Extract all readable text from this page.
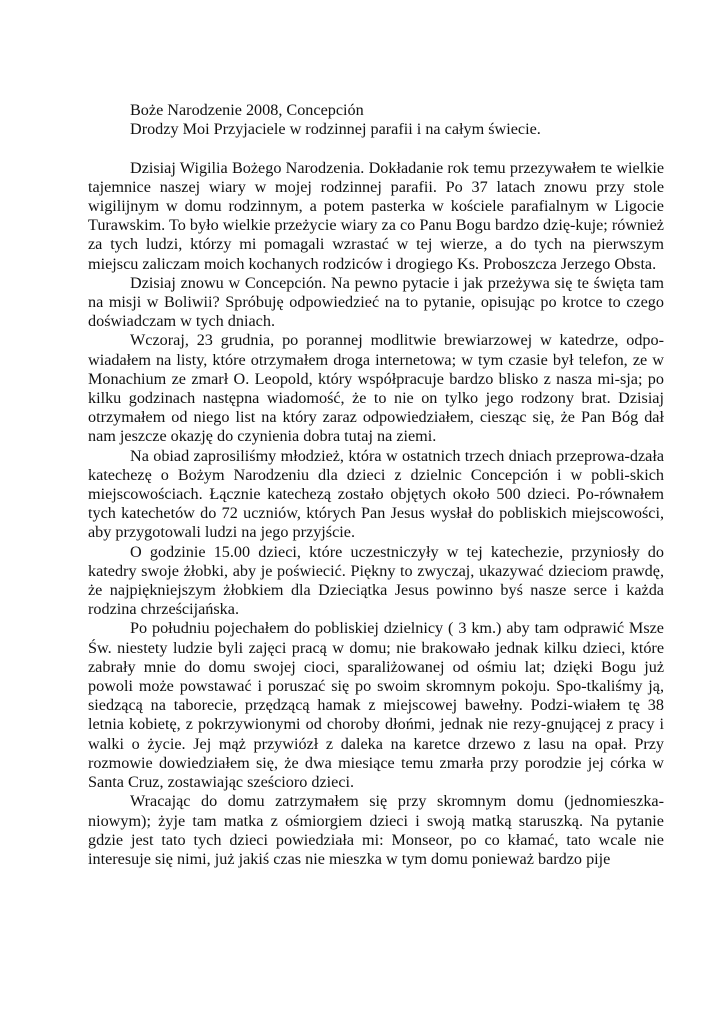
Boże Narodzenie 2008, Concepción

Drodzy Moi Przyjaciele w rodzinnej parafii i na całym świecie.

Dzisiaj Wigilia Bożego Narodzenia. Dokładanie rok temu przezywałem te wielkie tajemnice naszej wiary w mojej rodzinnej parafii. Po 37 latach znowu przy stole wigilijnym w domu rodzinnym, a potem pasterka w kościele parafialnym w Ligocie Turawskim. To było wielkie przeżycie wiary za co Panu Bogu bardzo dzię-kuje; również za tych ludzi, którzy mi pomagali wzrastać w tej wierze, a do tych na pierwszym miejscu zaliczam moich kochanych rodziców i drogiego Ks. Proboszcza Jerzego Obsta.

Dzisiaj znowu w Concepción. Na pewno pytacie i jak przeżywa się te święta tam na misji w Boliwii? Spróbuję odpowiedzieć na to pytanie, opisując po krotce to czego doświadczam w tych dniach.

Wczoraj, 23 grudnia, po porannej modlitwie brewiarzowej w katedrze, odpo-wiadałem na listy, które otrzymałem droga internetowa; w tym czasie był telefon, ze w Monachium ze zmarł O. Leopold, który współpracuje bardzo blisko z nasza mi-sja; po kilku godzinach następna wiadomość, że to nie on tylko jego rodzony brat. Dzisiaj otrzymałem od niego list na który zaraz odpowiedziałem, ciesząc się, że Pan Bóg dał nam jeszcze okazję do czynienia dobra tutaj na ziemi.

Na obiad zaprosiliśmy młodzież, która w ostatnich trzech dniach przeprowa-dzała katechezę o Bożym Narodzeniu dla dzieci z dzielnic Concepción i w pobli-skich miejscowościach. Łącznie katechezą zostało objętych około 500 dzieci. Po-równałem tych katechetów do 72 uczniów, których Pan Jesus wysłał do pobliskich miejscowości, aby przygotowali ludzi na jego przyjście.

O godzinie 15.00 dzieci, które uczestniczyły w tej katechezie, przyniosły do katedry swoje żłobki, aby je poświecić. Piękny to zwyczaj, ukazywać dzieciom prawdę, że najpiękniejszym żłobkiem dla Dzieciątka Jesus powinno byś nasze serce i każda rodzina chrześcijańska.

Po południu pojechałem do pobliskiej dzielnicy ( 3 km.) aby tam odprawić Msze Św. niestety ludzie byli zajęci pracą w domu; nie brakowało jednak kilku dzieci, które zabrały mnie do domu swojej cioci, sparaliżowanej od ośmiu lat; dzięki Bogu już powoli może powstawać i poruszać się po swoim skromnym pokoju. Spo-tkaliśmy ją, siedzącą na taborecie, przędzącą hamak z miejscowej bawełny. Podzi-wiałem tę 38 letnia kobietę, z pokrzywionymi od choroby dłońmi, jednak nie rezy-gnującej z pracy i walki o życie. Jej mąż przywiózł z daleka na karetce drzewo z lasu na opał. Przy rozmowie dowiedziałem się, że dwa miesiące temu zmarła przy porodzie jej córka w Santa Cruz, zostawiając sześcioro dzieci.

Wracając do domu zatrzymałem się przy skromnym domu (jednomieszka-niowym); żyje tam matka z ośmiorgiem dzieci i swoją matką staruszką. Na pytanie gdzie jest tato tych dzieci powiedziała mi: Monseor, po co kłamać, tato wcale nie interesuje się nimi, już jakiś czas nie mieszka w tym domu ponieważ bardzo pije
